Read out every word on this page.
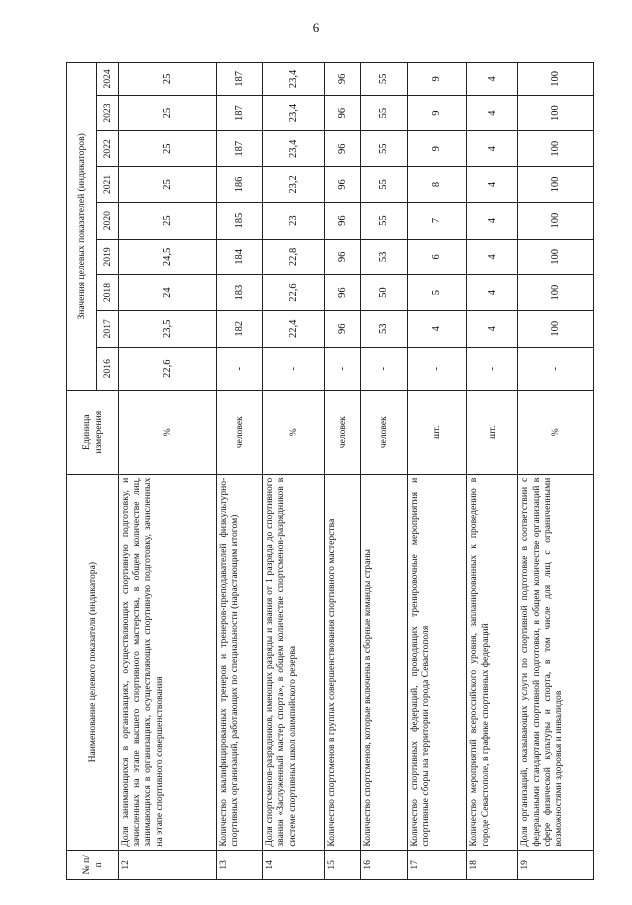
6
№ п/п	Наименование целевого показателя (индикатора)	Единица измерения	Значения целевых показателей (индикаторов)								
			2016	2017	2018	2019	2020	2021	2022	2023	2024
12	Доля занимающихся в организациях, осуществляющих спортивную подготовку, и зачисленных на этапе высшего спортивного мастерства, в общем количестве лиц, занимающихся в организациях, осуществляющих спортивную подготовку, зачисленных на этапе спортивного совершенствования	%	22,6	23,5	24	24,5	25	25	25	25	25
13	Количество квалифицированных тренеров и тренеров-преподавателей физкультурно-спортивных организаций, работающих по специальности (нарастающим итогом)	человек	-	182	183	184	185	186	187	187	187
14	Доля спортсменов-разрядников, имеющих разряды и звания от 1 разряда до спортивного звания «Заслуженный мастер спорта», в общем количестве спортсменов-разрядников в системе спортивных школ олимпийского резерва	%	-	22,4	22,6	22,8	23	23,2	23,4	23,4	23,4
15	Количество спортсменов в группах совершенствования спортивного мастерства	человек	-	96	96	96	96	96	96	96	96
16	Количество спортсменов, которые включены в сборные команды страны	человек	-	53	50	53	55	55	55	55	55
17	Количество спортивных федераций, проводящих тренировочные мероприятия и спортивные сборы на территории города Севастополя	шт.	-	4	5	6	7	8	9	9	9
18	Количество мероприятий всероссийского уровня, запланированных к проведению в городе Севастополе, в графике спортивных федераций	шт.	-	4	4	4	4	4	4	4	4
19	Доля организаций, оказывающих услуги по спортивной подготовке в соответствии с федеральными стандартами спортивной подготовки, в общем количестве организаций в сфере физической культуры и спорта, в том числе для лиц с ограниченными возможностями здоровья и инвалидов	%	-	100	100	100	100	100	100	100	100
